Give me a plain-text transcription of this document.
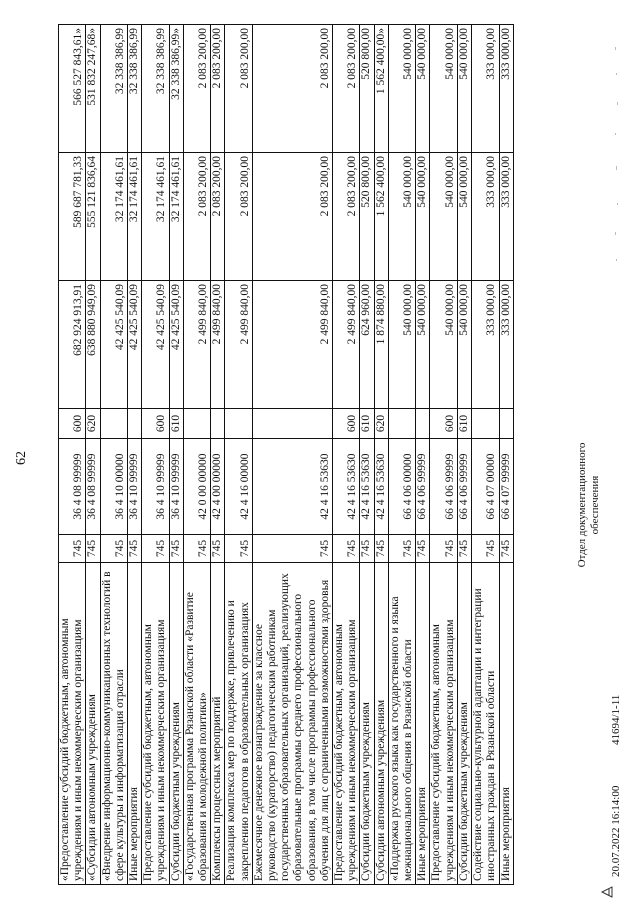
62
«Предоставление субсидий бюджетным, автономным учреждениям и иным некоммерческим организациям	745	36 4 08 99999	600	682 924 913,91	589 687 781,33	566 527 843,61»
«Субсидии автономным учреждениям	745	36 4 08 99999	620	638 880 949,09	555 121 836,64	531 832 247,68»
«Внедрение информационно-коммуникационных технологий в сфере культуры и информатизация отрасли	745	36 4 10 00000		42 425 540,09	32 174 461,61	32 338 386,99
Иные мероприятия	745	36 4 10 99999		42 425 540,09	32 174 461,61	32 338 386,99
Предоставление субсидий бюджетным, автономным учреждениям и иным некоммерческим организациям	745	36 4 10 99999	600	42 425 540,09	32 174 461,61	32 338 386,99
Субсидии бюджетным учреждениям	745	36 4 10 99999	610	42 425 540,09	32 174 461,61	32 338 386,99»
«Государственная программа Рязанской области «Развитие образования и молодежной политики»	745	42 0 00 00000		2 499 840,00	2 083 200,00	2 083 200,00
Комплексы процессных мероприятий	745	42 4 00 00000		2 499 840,00	2 083 200,00	2 083 200,00
Реализация комплекса мер по поддержке, привлечению и закреплению педагогов в образовательных организациях	745	42 4 16 00000		2 499 840,00	2 083 200,00	2 083 200,00
Ежемесячное денежное вознаграждение за классное руководство (кураторство) педагогическим работникам государственных образовательных организаций, реализующих образовательные программы среднего профессионального образования, в том числе программы профессионального обучения для лиц с ограниченными возможностями здоровья	745	42 4 16 53630		2 499 840,00	2 083 200,00	2 083 200,00
Предоставление субсидий бюджетным, автономным учреждениям и иным некоммерческим организациям	745	42 4 16 53630	600	2 499 840,00	2 083 200,00	2 083 200,00
Субсидии бюджетным учреждениям	745	42 4 16 53630	610	624 960,00	520 800,00	520 800,00
Субсидии автономным учреждениям	745	42 4 16 53630	620	1 874 880,00	1 562 400,00	1 562 400,00»
«Поддержка русского языка как государственного и языка межнационального общения в Рязанской области	745	66 4 06 00000		540 000,00	540 000,00	540 000,00
Иные мероприятия	745	66 4 06 99999		540 000,00	540 000,00	540 000,00
Предоставление субсидий бюджетным, автономным учреждениям и иным некоммерческим организациям	745	66 4 06 99999	600	540 000,00	540 000,00	540 000,00
Субсидии бюджетным учреждениям	745	66 4 06 99999	610	540 000,00	540 000,00	540 000,00
Содействие социально-культурной адаптации и интеграции иностранных граждан в Рязанской области	745	66 4 07 00000		333 000,00	333 000,00	333 000,00
Иные мероприятия	745	66 4 07 99999		333 000,00	333 000,00	333 000,00
20.07.2022 16:14:00
41694/1-11
Отдел документационного обеспечения
